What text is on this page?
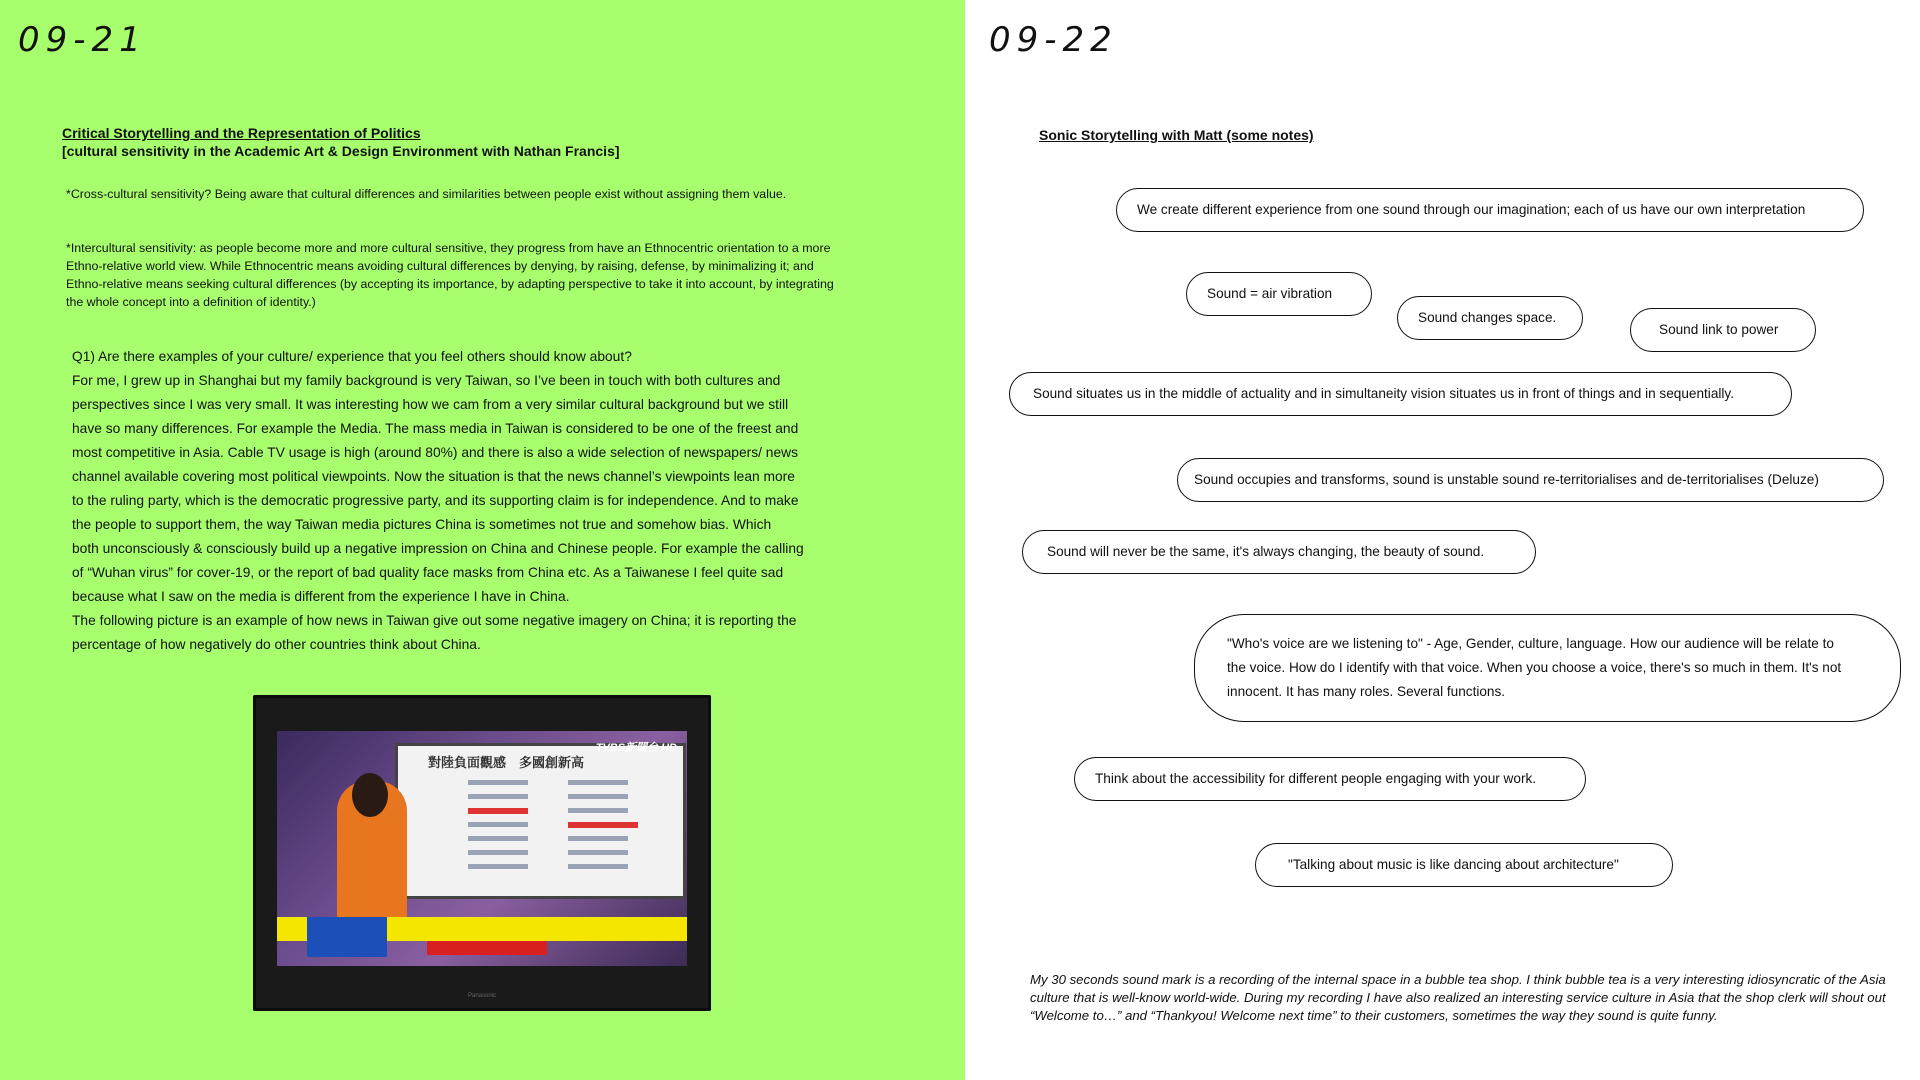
09-21
Critical Storytelling and the Representation of Politics
[cultural sensitivity in the Academic Art & Design Environment with Nathan Francis]
*Cross-cultural sensitivity? Being aware that cultural differences and similarities between people exist without assigning them value.
*Intercultural sensitivity: as people become more and more cultural sensitive, they progress from have an Ethnocentric orientation to a more Ethno-relative world view. While Ethnocentric means avoiding cultural differences by denying, by raising, defense, by minimalizing it; and Ethno-relative means seeking cultural differences (by accepting its importance, by adapting perspective to take it into account, by integrating the whole concept into a definition of identity.)
Q1) Are there examples of your culture/ experience that you feel others should know about?
For me, I grew up in Shanghai but my family background is very Taiwan, so I’ve been in touch with both cultures and
perspectives since I was very small. It was interesting how we cam from a very similar cultural background but we still
have so many differences. For example the Media. The mass media in Taiwan is considered to be one of the freest and
most competitive in Asia. Cable TV usage is high (around 80%) and there is also a wide selection of newspapers/ news
channel available covering most political viewpoints. Now the situation is that the news channel’s viewpoints lean more
to the ruling party, which is the democratic progressive party, and its supporting claim is for independence. And to make
the people to support them, the way Taiwan media pictures China is sometimes not true and somehow bias. Which
both unconsciously & consciously build up a negative impression on China and Chinese people. For example the calling
of “Wuhan virus” for cover-19, or the report of bad quality face masks from China etc. As a Taiwanese I feel quite sad
because what I saw on the media is different from the experience I have in China.
The following picture is an example of how news in Taiwan give out some negative imagery on China; it is reporting the
percentage of how negatively do other countries think about China.
對陸負面觀感　多國創新高
TVBS新聞台 HD
Panasonic
09-22
Sonic Storytelling with Matt (some notes)
We create different experience from one sound through our imagination; each of us have our own interpretation
Sound = air vibration
Sound changes space.
Sound link to power
Sound situates us in the middle of actuality and in simultaneity vision situates us in front of things and in sequentially.
Sound occupies and transforms, sound is unstable sound re-territorialises and de-territorialises (Deluze)
Sound will never be the same, it's always changing, the beauty of sound.
"Who's voice are we listening to" - Age, Gender, culture, language. How our audience will be relate to
the voice. How do I identify with that voice. When you choose a voice, there's so much in them. It's not
innocent. It has many roles. Several functions.
Think about the accessibility for different people engaging with your work.
"Talking about music is like dancing about architecture"
My 30 seconds sound mark is a recording of the internal space in a bubble tea shop. I think bubble tea is a very interesting idiosyncratic of the Asia culture that is well-know world-wide. During my recording I have also realized an interesting service culture in Asia that the shop clerk will shout out “Welcome to…” and “Thankyou! Welcome next time” to their customers, sometimes the way they sound is quite funny.
